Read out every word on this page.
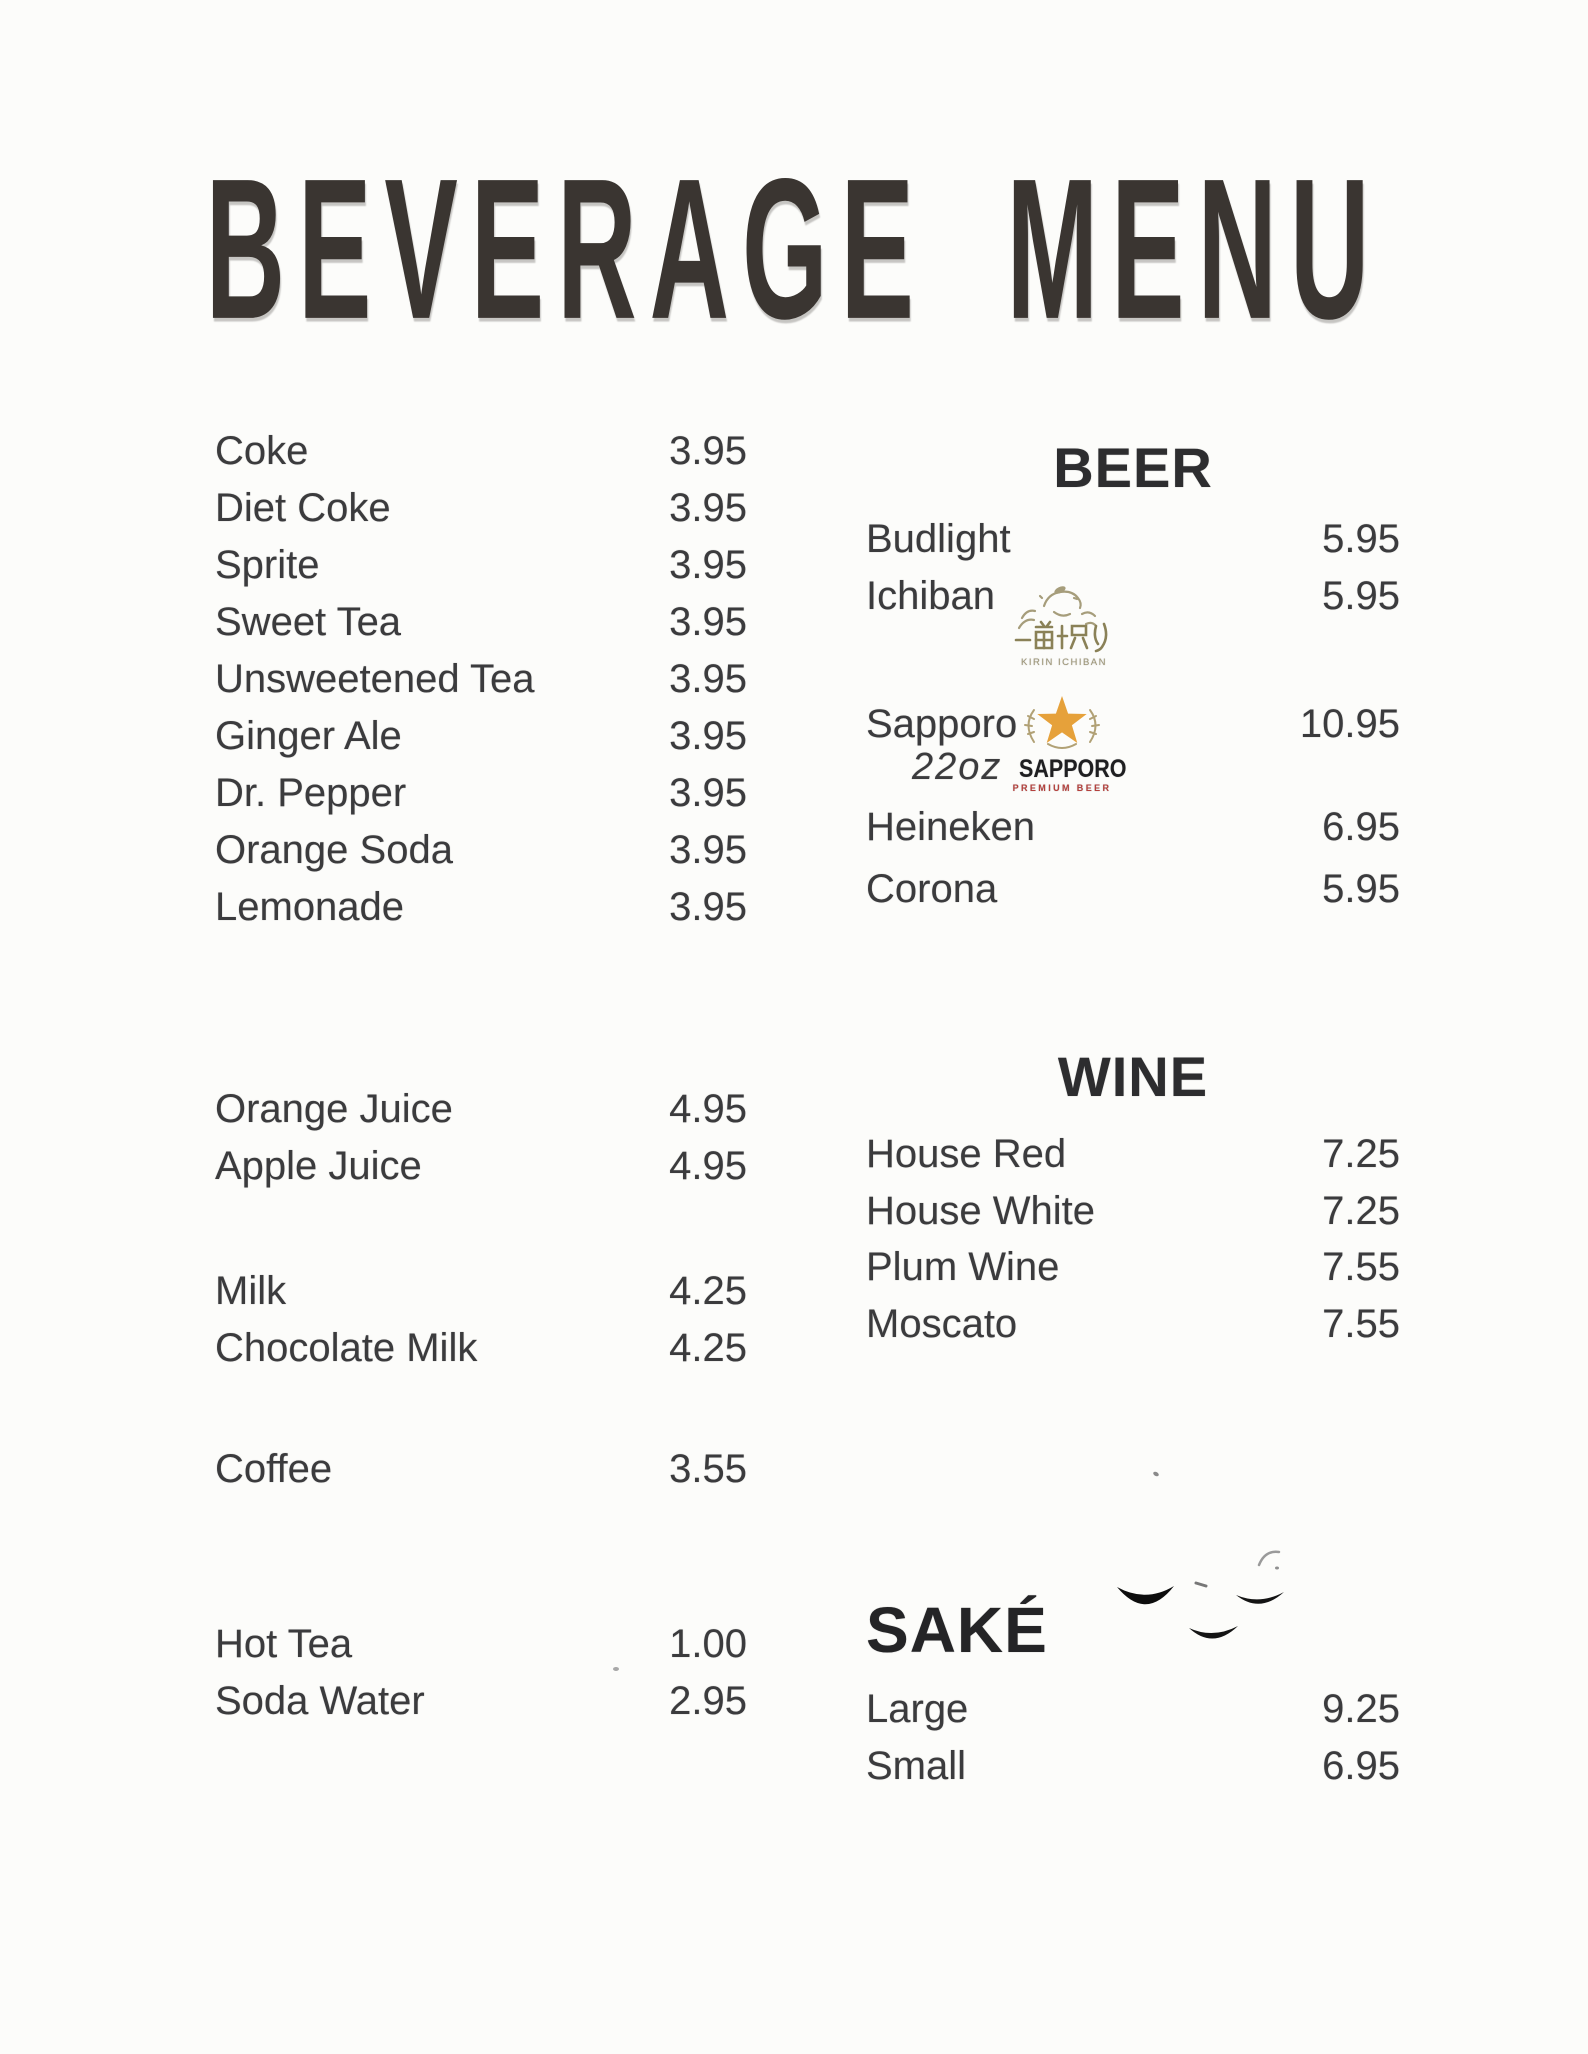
BEVERAGE MENU
Coke	3.95
Diet Coke	3.95
Sprite	3.95
Sweet Tea	3.95
Unsweetened Tea	3.95
Ginger Ale	3.95
Dr. Pepper	3.95
Orange Soda	3.95
Lemonade	3.95
Orange Juice	4.95
Apple Juice	4.95
Milk	4.25
Chocolate Milk	4.25
Coffee	3.55
Hot Tea	1.00
Soda Water	2.95
BEER
Budlight	5.95
Ichiban	5.95
Sapporo	10.95
Heineken	6.95
Corona	5.95
22oz
KIRIN ICHIBAN
SAPPORO
PREMIUM BEER
WINE
House Red	7.25
House White	7.25
Plum Wine	7.55
Moscato	7.55
SAKÉ
Large	9.25
Small	6.95
